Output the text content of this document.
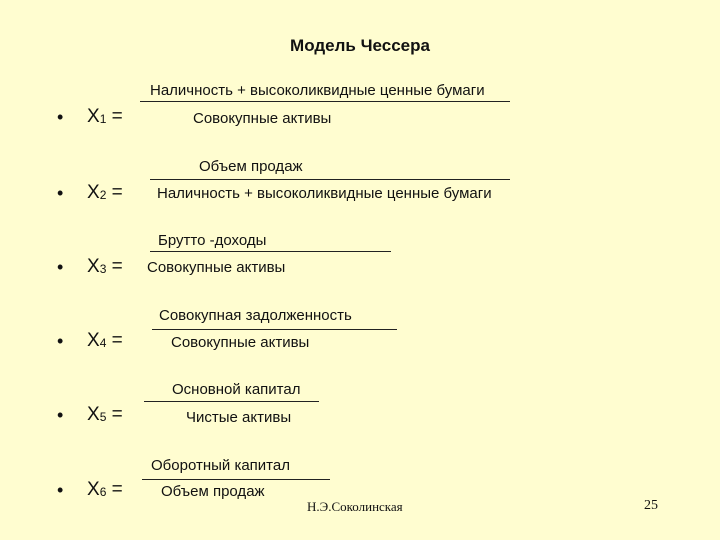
Модель Чессера
Наличность + высоколиквидные ценные бумаги
• $X_1$ =	Совокупные активы
Объем продаж
• $X_2$ = Наличность + высоколиквидные ценные бумаги
Брутто -доходы
• $X_3$ = Совокупные активы
Совокупная задолженность
• $X_4$ =	Совокупные активы
Основной капитал
• $X_5$ =	Чистые активы
Оборотный капитал
• $X_6$ =	Объем продаж
Н.Э.Соколинская	25
